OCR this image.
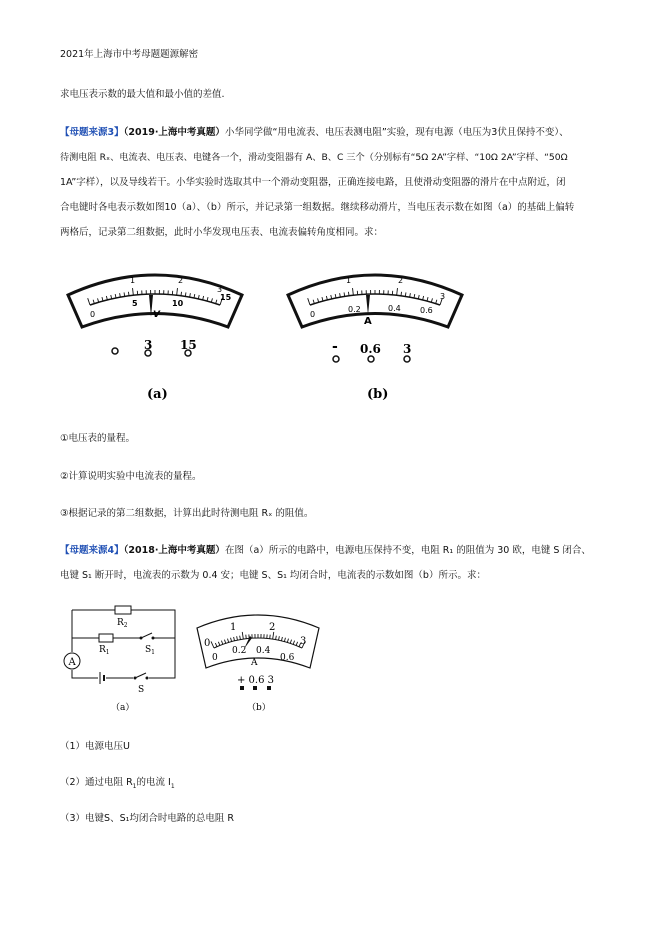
2021年上海市中考母题题源解密
求电压表示数的最大值和最小值的差值.
【母题来源3】（2019·上海中考真题）小华同学做“用电流表、电压表测电阻”实验，现有电源（电压为3伏且保持不变）、
待测电阻 Rₓ、电流表、电压表、电键各一个，滑动变阻器有 A、B、C 三个（分别标有“5Ω 2A”字样、“10Ω 2A”字样、“50Ω
1A”字样），以及导线若干。小华实验时选取其中一个滑动变阻器，正确连接电路，且使滑动变阻器的滑片在中点附近，闭
合电键时各电表示数如图10（a）、（b）所示，并记录第一组数据。继续移动滑片，当电压表示数在如图（a）的基础上偏转
两格后，记录第二组数据，此时小华发现电压表、电流表偏转角度相同。求：
0
1	2
3
5	10
15
V
3 15
(a)
0
1	2
3
0.2	0.4 0.6
A
- 0.6 3
(b)
①电压表的量程。
②计算说明实验中电流表的量程。
③根据记录的第二组数据，计算出此时待测电阻 Rₓ 的阻值。
【母题来源4】（2018·上海中考真题）在图（a）所示的电路中，电源电压保持不变，电阻 R₁ 的阻值为 30 欧，电键 S 闭合、
电键 S₁ 断开时，电流表的示数为 0.4 安；电键 S、S₁ 均闭合时，电流表的示数如图（b）所示。求：
A
$R_2$
$R_1$	$S_1$
S
（a）
0
1	2
3
0
0.2 0.4
0.6
A
+ 0.6 3
（b）
（1）电源电压U
（2）通过电阻 $R_1$的电流 $I_1$
（3）电键S、S₁均闭合时电路的总电阻 R
